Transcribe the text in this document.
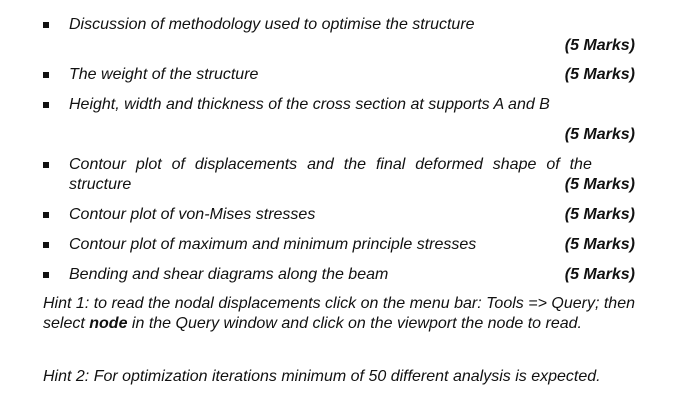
Discussion of methodology used to optimise the structure
(5 Marks)
The weight of the structure	(5 Marks)
Height, width and thickness of the cross section at supports A and B
(5 Marks)
Contour plot of displacements and the final deformed shape of the
structure	(5 Marks)
Contour plot of von-Mises stresses	(5 Marks)
Contour plot of maximum and minimum principle stresses	(5 Marks)
Bending and shear diagrams along the beam	(5 Marks)
Hint 1: to read the nodal displacements click on the menu bar: Tools => Query; then select node in the Query window and click on the viewport the node to read.
Hint 2: For optimization iterations minimum of 50 different analysis is expected.
